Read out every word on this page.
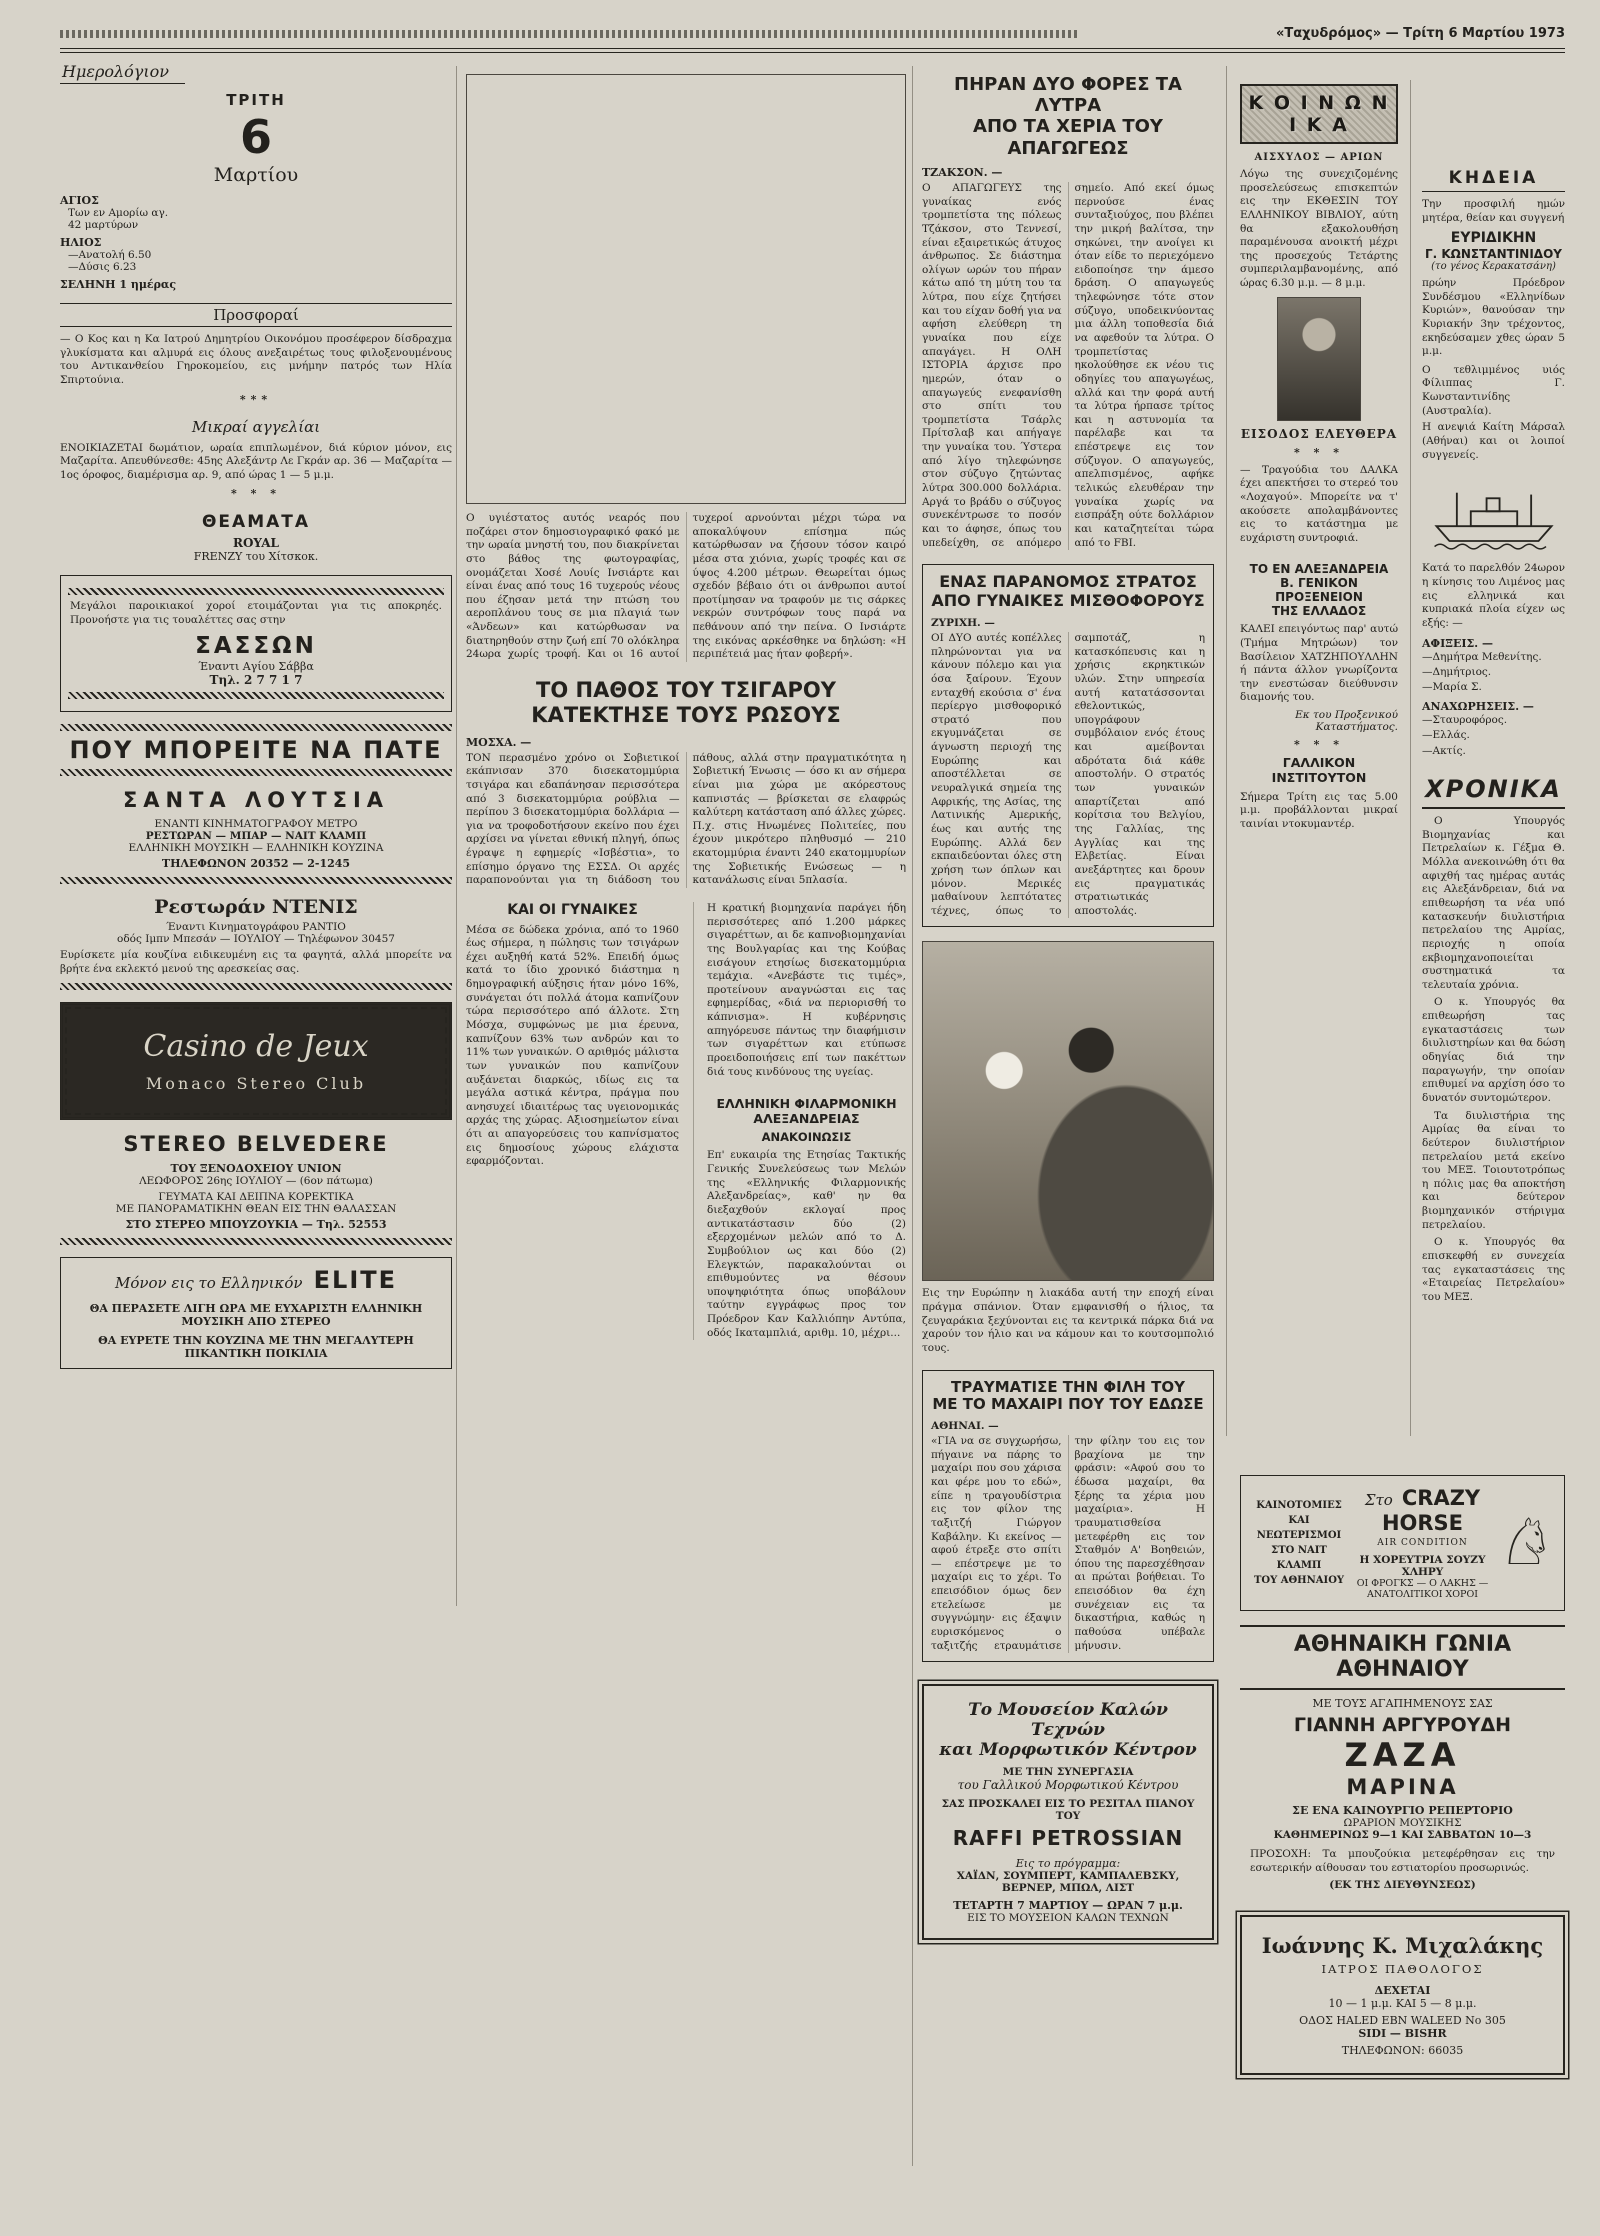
«Ταχυδρόμος» — Τρίτη 6 Μαρτίου 1973
Ημερολόγιον
ΤΡΙΤΗ
6
Μαρτίου
ΑΓΙΟΣ
Των εν Αμορίω αγ.
42 μαρτύρων
ΗΛΙΟΣ
—Ανατολή 6.50
—Δύσις 6.23
ΣΕΛΗΝΗ 1 ημέρας
Προσφοραί
— Ο Κος και η Κα Ιατρού Δημητρίου Οικονόμου προσέφερον δίσδραχμα γλυκίσματα και αλμυρά εις όλους ανεξαιρέτως τους φιλοξενουμένους του Αντικανθείου Γηροκομείου, εις μνήμην πατρός των Ηλία Σπιρτούνια.
***
Μικραί αγγελίαι
ΕΝΟΙΚΙΑΖΕΤΑΙ δωμάτιον, ωραία επιπλωμένον, διά κύριον μόνον, εις Μαζαρίτα. Απευθύνεσθε: 45ης Αλεξάντρ Λε Γκράν αρ. 36 — Μαζαρίτα — 1ος όροφος, διαμέρισμα αρ. 9, από ώρας 1 — 5 μ.μ.
* * *
ΘΕΑΜΑΤΑ
ROYAL
FRENZY του Χίτσκοκ.
Μεγάλοι παροικιακοί χοροί ετοιμάζονται για τις αποκρηές. Προνοήστε για τις τουαλέττες σας στην
ΣΑΣΣΩΝ
Έναντι Αγίου Σάββα
Τηλ. 2 7 7 1 7
ΠΟΥ ΜΠΟΡΕΙΤΕ ΝΑ ΠΑΤΕ
ΣΑΝΤΑ ΛΟΥΤΣΙΑ
ΕΝΑΝΤΙ ΚΙΝΗΜΑΤΟΓΡΑΦΟΥ ΜΕΤΡΟ
ΡΕΣΤΩΡΑΝ — ΜΠΑΡ — ΝΑΙΤ ΚΛΑΜΠ
ΕΛΛΗΝΙΚΗ ΜΟΥΣΙΚΗ — ΕΛΛΗΝΙΚΗ ΚΟΥΖΙΝΑ
ΤΗΛΕΦΩΝΟΝ 20352 — 2-1245
Ρεστωράν ΝΤΕΝΙΣ
Έναντι Κινηματογράφου ΡΑΝΤΙΟ
οδός Ιμπν Μπεσάν — ΙΟΥΛΙΟΥ — Τηλέφωνον 30457
Ευρίσκετε μία κουζίνα ειδικευμένη εις τα φαγητά, αλλά μπορείτε να βρήτε ένα εκλεκτό μενού της αρεσκείας σας.
Casino de Jeux
Monaco Stereo Club
STEREO BELVEDERE
ΤΟΥ ΞΕΝΟΔΟΧΕΙΟΥ UNION
ΛΕΩΦΟΡΟΣ 26ης ΙΟΥΛΙΟΥ — (6ον πάτωμα)
ΓΕΥΜΑΤΑ ΚΑΙ ΔΕΙΠΝΑ ΚΟΡΕΚΤΙΚΑ
ΜΕ ΠΑΝΟΡΑΜΑΤΙΚΗΝ ΘΕΑΝ ΕΙΣ ΤΗΝ ΘΑΛΑΣΣΑΝ
ΣΤΟ ΣΤΕΡΕΟ ΜΠΟΥΖΟΥΚΙΑ — Τηλ. 52553
Μόνον εις το Ελληνικόν ELITE
ΘΑ ΠΕΡΑΣΕΤΕ ΛΙΓΗ ΩΡΑ ΜΕ ΕΥΧΑΡΙΣΤΗ ΕΛΛΗΝΙΚΗ ΜΟΥΣΙΚΗ ΑΠΟ ΣΤΕΡΕΟ
ΘΑ ΕΥΡΕΤΕ ΤΗΝ ΚΟΥΖΙΝΑ ΜΕ ΤΗΝ ΜΕΓΑΛΥΤΕΡΗ ΠΙΚΑΝΤΙΚΗ ΠΟΙΚΙΛΙΑ
Ο υγιέστατος αυτός νεαρός που ποζάρει στον δημοσιογραφικό φακό με την ωραία μνηστή του, που διακρίνεται στο βάθος της φωτογραφίας, ονομάζεται Χοσέ Λουίς Ινσιάρτε και είναι ένας από τους 16 τυχερούς νέους που έζησαν μετά την πτώση του αεροπλάνου τους σε μια πλαγιά των «Άνδεων» και κατώρθωσαν να διατηρηθούν στην ζωή επί 70 ολόκληρα 24ωρα χωρίς τροφή. Και οι 16 αυτοί τυχεροί αρνούνται μέχρι τώρα να αποκαλύψουν επίσημα πώς κατώρθωσαν να ζήσουν τόσον καιρό μέσα στα χιόνια, χωρίς τροφές και σε ύψος 4.200 μέτρων. Θεωρείται όμως σχεδόν βέβαιο ότι οι άνθρωποι αυτοί προτίμησαν να τραφούν με τις σάρκες νεκρών συντρόφων τους παρά να πεθάνουν από την πείνα. Ο Ινσιάρτε της εικόνας αρκέσθηκε να δηλώση: «Η περιπέτειά μας ήταν φοβερή».
ΤΟ ΠΑΘΟΣ ΤΟΥ ΤΣΙΓΑΡΟΥ
ΚΑΤΕΚΤΗΣΕ ΤΟΥΣ ΡΩΣΟΥΣ
ΜΟΣΧΑ. —
ΤΟΝ περασμένο χρόνο οι Σοβιετικοί εκάπνισαν 370 δισεκατομμύρια τσιγάρα και εδαπάνησαν περισσότερα από 3 δισεκατομμύρια ρούβλια — περίπου 3 δισεκατομμύρια δολλάρια — για να τροφοδοτήσουν εκείνο που έχει αρχίσει να γίνεται εθνική πληγή, όπως έγραψε η εφημερίς «Ισβέστια», το επίσημο όργανο της ΕΣΣΔ. Οι αρχές παραπονούνται για τη διάδοση του πάθους, αλλά στην πραγματικότητα η Σοβιετική Ένωσις — όσο κι αν σήμερα είναι μια χώρα με ακόρεστους καπνιστάς — βρίσκεται σε ελαφρώς καλύτερη κατάσταση από άλλες χώρες. Π.χ. στις Ηνωμένες Πολιτείες, που έχουν μικρότερο πληθυσμό — 210 εκατομμύρια έναντι 240 εκατομμυρίων της Σοβιετικής Ενώσεως — η κατανάλωσις είναι 5πλασία.
ΚΑΙ ΟΙ ΓΥΝΑΙΚΕΣ
Μέσα σε δώδεκα χρόνια, από το 1960 έως σήμερα, η πώλησις των τσιγάρων έχει αυξηθή κατά 52%. Επειδή όμως κατά το ίδιο χρονικό διάστημα η δημογραφική αύξησις ήταν μόνο 16%, συνάγεται ότι πολλά άτομα καπνίζουν τώρα περισσότερο από άλλοτε. Στη Μόσχα, συμφώνως με μια έρευνα, καπνίζουν 63% των ανδρών και το 11% των γυναικών. Ο αριθμός μάλιστα των γυναικών που καπνίζουν αυξάνεται διαρκώς, ιδίως εις τα μεγάλα αστικά κέντρα, πράγμα που ανησυχεί ιδιαιτέρως τας υγειονομικάς αρχάς της χώρας. Αξιοσημείωτον είναι ότι αι απαγορεύσεις του καπνίσματος εις δημοσίους χώρους ελάχιστα εφαρμόζονται.
Η κρατική βιομηχανία παράγει ήδη περισσότερες από 1.200 μάρκες σιγαρέττων, αι δε καπνοβιομηχανίαι της Βουλγαρίας και της Κούβας εισάγουν ετησίως δισεκατομμύρια τεμάχια. «Ανεβάστε τις τιμές», προτείνουν αναγνώσται εις τας εφημερίδας, «διά να περιορισθή το κάπνισμα». Η κυβέρνησις απηγόρευσε πάντως την διαφήμισιν των σιγαρέττων και ετύπωσε προειδοποιήσεις επί των πακέττων διά τους κινδύνους της υγείας.
ΕΛΛΗΝΙΚΗ ΦΙΛΑΡΜΟΝΙΚΗ
ΑΛΕΞΑΝΔΡΕΙΑΣ
ΑΝΑΚΟΙΝΩΣΙΣ
Επ' ευκαιρία της Ετησίας Τακτικής Γενικής Συνελεύσεως των Μελών της «Ελληνικής Φιλαρμονικής Αλεξανδρείας», καθ' ην θα διεξαχθούν εκλογαί προς αντικατάστασιν δύο (2) εξερχομένων μελών από το Δ. Συμβούλιον ως και δύο (2) Ελεγκτών, παρακαλούνται οι επιθυμούντες να θέσουν υποψηφιότητα όπως υποβάλουν ταύτην εγγράφως προς τον Πρόεδρον Καν Καλλιόπην Αντύπα, οδός Ικαταμπλιά, αριθμ. 10, μέχρι...
ΠΗΡΑΝ ΔΥΟ ΦΟΡΕΣ ΤΑ ΛΥΤΡΑ
ΑΠΟ ΤΑ ΧΕΡΙΑ ΤΟΥ ΑΠΑΓΩΓΕΩΣ
ΤΖΑΚΣΟΝ. —
Ο ΑΠΑΓΩΓΕΥΣ της γυναίκας ενός τρομπετίστα της πόλεως Τζάκσον, στο Τεννεσί, είναι εξαιρετικώς άτυχος άνθρωπος. Σε διάστημα ολίγων ωρών του πήραν κάτω από τη μύτη του τα λύτρα, που είχε ζητήσει και του είχαν δοθή για να αφήση ελεύθερη τη γυναίκα που είχε απαγάγει. Η ΟΛΗ ΙΣΤΟΡΙΑ άρχισε προ ημερών, όταν ο απαγωγεύς ενεφανίσθη στο σπίτι του τρομπετίστα Τσάρλς Πρίτσλαβ και απήγαγε την γυναίκα του. Ύστερα από λίγο τηλεφώνησε στον σύζυγο ζητώντας λύτρα 300.000 δολλάρια. Αργά το βράδυ ο σύζυγος συνεκέντρωσε το ποσόν και το άφησε, όπως του υπεδείχθη, σε απόμερο σημείο. Από εκεί όμως περνούσε ένας συνταξιούχος, που βλέπει την μικρή βαλίτσα, την σηκώνει, την ανοίγει κι όταν είδε το περιεχόμενο ειδοποίησε την άμεσο δράση. Ο απαγωγεύς τηλεφώνησε τότε στον σύζυγο, υποδεικνύοντας μια άλλη τοποθεσία διά να αφεθούν τα λύτρα. Ο τρομπετίστας ηκολούθησε εκ νέου τις οδηγίες του απαγωγέως, αλλά και την φορά αυτή τα λύτρα ήρπασε τρίτος και η αστυνομία τα παρέλαβε και τα επέστρεψε εις τον σύζυγον. Ο απαγωγεύς, απελπισμένος, αφήκε τελικώς ελευθέραν την γυναίκα χωρίς να εισπράξη ούτε δολλάριον και καταζητείται τώρα από το FBI.
ΕΝΑΣ ΠΑΡΑΝΟΜΟΣ ΣΤΡΑΤΟΣ
ΑΠΟ ΓΥΝΑΙΚΕΣ ΜΙΣΘΟΦΟΡΟΥΣ
ΖΥΡΙΧΗ. —
ΟΙ ΔΥΟ αυτές κοπέλλες πληρώνονται για να κάνουν πόλεμο και για όσα ξαίρουν. Έχουν ενταχθή εκούσια σ' ένα περίεργο μισθοφορικό στρατό που εκγυμνάζεται σε άγνωστη περιοχή της Ευρώπης και αποστέλλεται σε νευραλγικά σημεία της Αφρικής, της Ασίας, της Λατινικής Αμερικής, έως και αυτής της Ευρώπης. Αλλά δεν εκπαιδεύονται όλες στη χρήση των όπλων και μόνον. Μερικές μαθαίνουν λεπτότατες τέχνες, όπως το σαμποτάζ, η κατασκόπευσις και η χρήσις εκρηκτικών υλών. Στην υπηρεσία αυτή κατατάσσονται εθελοντικώς, υπογράφουν συμβόλαιον ενός έτους και αμείβονται αδρότατα διά κάθε αποστολήν. Ο στρατός των γυναικών απαρτίζεται από κορίτσια του Βελγίου, της Γαλλίας, της Αγγλίας και της Ελβετίας. Είναι ανεξάρτητες και δρουν εις πραγματικάς στρατιωτικάς αποστολάς.
Εις την Ευρώπην η λιακάδα αυτή την εποχή είναι πράγμα σπάνιον. Όταν εμφανισθή ο ήλιος, τα ζευγαράκια ξεχύνονται εις τα κεντρικά πάρκα διά να χαρούν τον ήλιο και να κάμουν και το κουτσομπολιό τους.
ΤΡΑΥΜΑΤΙΣΕ ΤΗΝ ΦΙΛΗ ΤΟΥ
ΜΕ ΤΟ ΜΑΧΑΙΡΙ ΠΟΥ ΤΟΥ ΕΔΩΣΕ
ΑΘΗΝΑΙ. —
«ΓΙΑ να σε συγχωρήσω, πήγαινε να πάρης το μαχαίρι που σου χάρισα και φέρε μου το εδώ», είπε η τραγουδίστρια εις τον φίλον της ταξιτζή Γιώργον Καβάλην. Κι εκείνος — αφού έτρεξε στο σπίτι — επέστρεψε με το μαχαίρι εις το χέρι. Το επεισόδιον όμως δεν ετελείωσε με συγγνώμην· εις έξαψιν ευρισκόμενος ο ταξιτζής ετραυμάτισε την φίλην του εις τον βραχίονα με την φράσιν: «Αφού σου το έδωσα μαχαίρι, θα ξέρης τα χέρια μου μαχαίρια». Η τραυματισθείσα μετεφέρθη εις τον Σταθμόν Α' Βοηθειών, όπου της παρεσχέθησαν αι πρώται βοήθειαι. Το επεισόδιον θα έχη συνέχειαν εις τα δικαστήρια, καθώς η παθούσα υπέβαλε μήνυσιν.
Το Μουσείον Καλών Τεχνών
και Μορφωτικόν Κέντρον
ΜΕ ΤΗΝ ΣΥΝΕΡΓΑΣΙΑ
του Γαλλικού Μορφωτικού Κέντρου
ΣΑΣ ΠΡΟΣΚΑΛΕΙ ΕΙΣ ΤΟ ΡΕΣΙΤΑΛ ΠΙΑΝΟΥ ΤΟΥ
RAFFI PETROSSIAN
Εις το πρόγραμμα:
ΧΑΪΔΝ, ΣΟΥΜΠΕΡΤ, ΚΑΜΠΑΛΕΒΣΚΥ, ΒΕΡΝΕΡ, ΜΠΩΛ, ΛΙΣΤ
ΤΕΤΑΡΤΗ 7 ΜΑΡΤΙΟΥ — ΩΡΑΝ 7 μ.μ.
ΕΙΣ ΤΟ ΜΟΥΣΕΙΟΝ ΚΑΛΩΝ ΤΕΧΝΩΝ
Κ Ο Ι Ν Ω Ν Ι Κ Α
ΑΙΣΧΥΛΟΣ — ΑΡΙΩΝ
Λόγω της συνεχιζομένης προσελεύσεως επισκεπτών εις την ΕΚΘΕΣΙΝ ΤΟΥ ΕΛΛΗΝΙΚΟΥ ΒΙΒΛΙΟΥ, αύτη θα εξακολουθήση παραμένουσα ανοικτή μέχρι της προσεχούς Τετάρτης συμπεριλαμβανομένης, από ώρας 6.30 μ.μ. — 8 μ.μ.
ΕΙΣΟΔΟΣ ΕΛΕΥΘΕΡΑ
* * *
— Τραγούδια του ΔΑΛΚΑ έχει απεκτήσει το στερεό του «Λοχαγού». Μπορείτε να τ' ακούσετε απολαμβάνοντες εις το κατάστημα με ευχάριστη συντροφιά.
ΤΟ ΕΝ ΑΛΕΞΑΝΔΡΕΙΑ
Β. ΓΕΝΙΚΟΝ ΠΡΟΞΕΝΕΙΟΝ
ΤΗΣ ΕΛΛΑΔΟΣ
ΚΑΛΕΙ επειγόντως παρ' αυτώ (Τμήμα Μητρώων) τον Βασίλειον ΧΑΤΖΗΠΟΥΛΛΗΝ ή πάντα άλλον γνωρίζοντα την ενεστώσαν διεύθυνσιν διαμονής του.
Εκ του Προξενικού Καταστήματος.
* * *
ΓΑΛΛΙΚΟΝ ΙΝΣΤΙΤΟΥΤΟΝ
Σήμερα Τρίτη εις τας 5.00 μ.μ. προβάλλονται μικραί ταινίαι ντοκυμαντέρ.
ΚΗΔΕΙΑ
Την προσφιλή ημών μητέρα, θείαν και συγγενή
ΕΥΡΙΔΙΚΗΝ
Γ. ΚΩΝΣΤΑΝΤΙΝΙΔΟΥ
(το γένος Κερακατσάνη)
πρώην Πρόεδρον Συνδέσμου «Ελληνίδων Κυριών», θανούσαν την Κυριακήν 3ην τρέχοντος, εκηδεύσαμεν χθες ώραν 5 μ.μ.
Ο τεθλιμμένος υιός Φίλιππας Γ. Κωνσταντινίδης (Αυστραλία).
Η ανεψιά Καίτη Μάρσαλ (Αθήναι) και οι λοιποί συγγενείς.
Κατά το παρελθόν 24ωρον η κίνησις του Λιμένος μας εις ελληνικά και κυπριακά πλοία είχεν ως εξής: —
ΑΦΙΞΕΙΣ. —
—Δημήτρα Μεθενίτης.
—Δημήτριος.
—Μαρία Σ.
ΑΝΑΧΩΡΗΣΕΙΣ. —
—Σταυροφόρος.
—Ελλάς.
—Ακτίς.
ΧΡΟΝΙΚΑ
Ο Υπουργός Βιομηχανίας και Πετρελαίων κ. Γέξμα Θ. Μόλλα ανεκοινώθη ότι θα αφιχθή τας ημέρας αυτάς εις Αλεξάνδρειαν, διά να επιθεωρήση τα νέα υπό κατασκευήν διυλιστήρια πετρελαίου της Αμρίας, περιοχής η οποία εκβιομηχανοποιείται συστηματικά τα τελευταία χρόνια.
Ο κ. Υπουργός θα επιθεωρήση τας εγκαταστάσεις των διυλιστηρίων και θα δώση οδηγίας διά την παραγωγήν, την οποίαν επιθυμεί να αρχίση όσο το δυνατόν συντομώτερον.
Τα διυλιστήρια της Αμρίας θα είναι το δεύτερον διυλιστήριον πετρελαίου μετά εκείνο του ΜΕΞ. Τοιουτοτρόπως η πόλις μας θα αποκτήση και δεύτερον βιομηχανικόν στήριγμα πετρελαίου.
Ο κ. Υπουργός θα επισκεφθή εν συνεχεία τας εγκαταστάσεις της «Εταιρείας Πετρελαίου» του ΜΕΞ.
ΚΑΙΝΟΤΟΜΙΕΣ
ΚΑΙ ΝΕΩΤΕΡΙΣΜΟΙ
ΣΤΟ ΝΑΙΤ ΚΛΑΜΠ
ΤΟΥ ΑΘΗΝΑΙΟΥ
Στο CRAZY HORSE
AIR CONDITION
Η ΧΟΡΕΥΤΡΙΑ ΣΟΥΖΥ ΧΛΗΡΥ
ΟΙ ΦΡΟΓΚΣ — Ο ΛΑΚΗΣ — ΑΝΑΤΟΛΙΤΙΚΟΙ ΧΟΡΟΙ
♘
ΑΘΗΝΑΙΚΗ ΓΩΝΙΑ ΑΘΗΝΑΙΟΥ
ΜΕ ΤΟΥΣ ΑΓΑΠΗΜΕΝΟΥΣ ΣΑΣ
ΓΙΑΝΝΗ ΑΡΓΥΡΟΥΔΗ
ΖΑΖΑ
ΜΑΡΙΝΑ
ΣΕ ΕΝΑ ΚΑΙΝΟΥΡΓΙΟ ΡΕΠΕΡΤΟΡΙΟ
ΩΡΑΡΙΟΝ ΜΟΥΣΙΚΗΣ
ΚΑΘΗΜΕΡΙΝΩΣ 9—1 ΚΑΙ ΣΑΒΒΑΤΩΝ 10—3
ΠΡΟΣΟΧΗ: Τα μπουζούκια μετεφέρθησαν εις την εσωτερικήν αίθουσαν του εστιατορίου προσωρινώς.
(ΕΚ ΤΗΣ ΔΙΕΥΘΥΝΣΕΩΣ)
Ιωάννης Κ. Μιχαλάκης
ΙΑΤΡΟΣ ΠΑΘΟΛΟΓΟΣ
ΔΕΧΕΤΑΙ
10 — 1 μ.μ. ΚΑΙ 5 — 8 μ.μ.
ΟΔΟΣ HALED EBN WALEED No 305
SIDI — BISHR
ΤΗΛΕΦΩΝΟΝ: 66035
